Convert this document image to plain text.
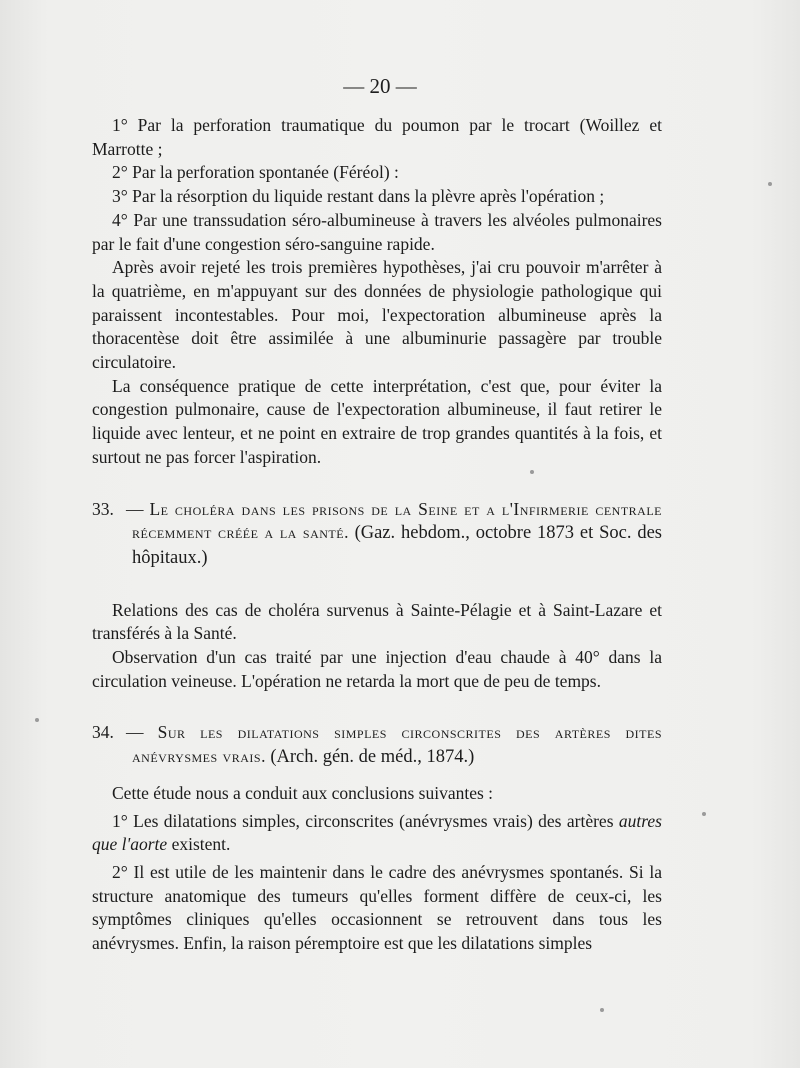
— 20 —

1° Par la perforation traumatique du poumon par le trocart (Woillez et Marrotte ;

2° Par la perforation spontanée (Féréol) :

3° Par la résorption du liquide restant dans la plèvre après l'opération ;

4° Par une transsudation séro-albumineuse à travers les alvéoles pulmonaires par le fait d'une congestion séro-sanguine rapide.

Après avoir rejeté les trois premières hypothèses, j'ai cru pouvoir m'arrêter à la quatrième, en m'appuyant sur des données de physiologie pathologique qui paraissent incontestables. Pour moi, l'expectoration albumineuse après la thoracentèse doit être assimilée à une albuminurie passagère par trouble circulatoire.

La conséquence pratique de cette interprétation, c'est que, pour éviter la congestion pulmonaire, cause de l'expectoration albumineuse, il faut retirer le liquide avec lenteur, et ne point en extraire de trop grandes quantités à la fois, et surtout ne pas forcer l'aspiration.

33. — Le choléra dans les prisons de la Seine et a l'Infirmerie centrale récemment créée a la santé. (Gaz. hebdom., octobre 1873 et Soc. des hôpitaux.)

Relations des cas de choléra survenus à Sainte-Pélagie et à Saint-Lazare et transférés à la Santé.

Observation d'un cas traité par une injection d'eau chaude à 40° dans la circulation veineuse. L'opération ne retarda la mort que de peu de temps.

34. — Sur les dilatations simples circonscrites des artères dites anévrysmes vrais. (Arch. gén. de méd., 1874.)

Cette étude nous a conduit aux conclusions suivantes :

1° Les dilatations simples, circonscrites (anévrysmes vrais) des artères autres que l'aorte existent.

2° Il est utile de les maintenir dans le cadre des anévrysmes spontanés. Si la structure anatomique des tumeurs qu'elles forment diffère de ceux-ci, les symptômes cliniques qu'elles occasionnent se retrouvent dans tous les anévrysmes. Enfin, la raison péremptoire est que les dilatations simples
